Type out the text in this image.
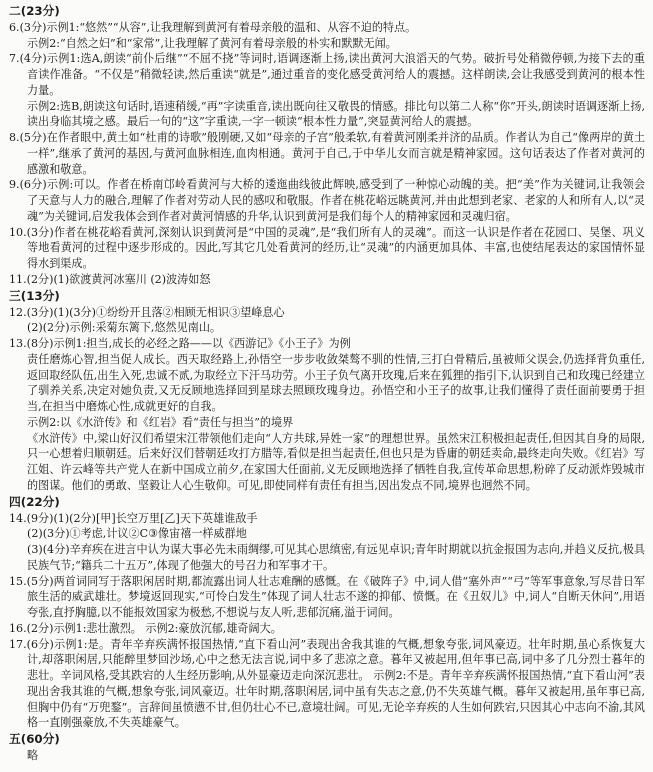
二(23分)

6.(3分)示例1:“悠然”“从容”,让我理解到黄河有着母亲般的温和、从容不迫的特点。

示例2:“自然之妇”和“家常”,让我理解了黄河有着母亲般的朴实和默默无闻。

7.(4分)示例1:选A,朗读“前仆后继”“不屈不挠”等词时,语调逐渐上扬,读出黄河大浪滔天的气势。破折号处稍微停顿,为接下去的重音读作准备。“不仅是”稍微轻读,然后重读“就是”,通过重音的变化感受黄河给人的震撼。这样朗读,会让我感受到黄河的根本性力量。

示例2:选B,朗读这句话时,语速稍缓,“再”字读重音,读出既向往又敬畏的情感。排比句以第二人称“你”开头,朗读时语调逐渐上扬,读出身临其境之感。最后一句的“这”字重读,一字一顿读“根本性力量”,突显黄河给人的震撼。

8.(5分)在作者眼中,黄土如“杜甫的诗歌”般刚硬,又如“母亲的子宫”般柔软,有着黄河刚柔并济的品质。作者认为自己“像两岸的黄土一样”,继承了黄河的基因,与黄河血脉相连,血肉相通。黄河于自己,于中华儿女而言就是精神家园。这句话表达了作者对黄河的感激和敬意。

9.(6分)示例:可以。作者在桥南邙岭看黄河与大桥的逶迤曲线彼此辉映,感受到了一种惊心动魄的美。把“美”作为关键词,让我领会了天意与人力的融合,理解了作者对劳动人民的感叹和敬服。作者在桃花峪远眺黄河,并由此想到老家、老家的人和所有人,以“灵魂”为关键词,启发我体会到作者对黄河情感的升华,认识到黄河是我们每个人的精神家园和灵魂归宿。

10.(3分)作者在桃花峪看黄河,深刻认识到黄河是“中国的灵魂”,是“我们所有人的灵魂”。而这一认识是作者在花园口、吴堡、巩义等地看黄河的过程中逐步形成的。因此,写其它几处看黄河的经历,让“灵魂”的内涵更加具体、丰富,也使结尾表达的家国情怀显得水到渠成。

11.(2分)(1)欲渡黄河冰塞川 (2)波涛如怒

三(13分)

12.(3分)(1)(3分)①纷纷开且落②相顾无相识③望峰息心

(2)(2分)示例:采菊东篱下,悠然见南山。

13.(8分)示例1:担当,成长的必经之路——以《西游记》《小王子》为例

责任磨炼心智,担当促人成长。西天取经路上,孙悟空一步步收敛桀骜不驯的性情,三打白骨精后,虽被师父误会,仍选择背负重任,返回取经队伍,出生入死,忠诚不贰,为取经立下汗马功劳。小王子负气离开玫瑰,后来在狐狸的指引下,认识到自己和玫瑰已经建立了驯养关系,决定对她负责,又无反顾地选择回到星球去照顾玫瑰身边。孙悟空和小王子的故事,让我们懂得了责任面前要勇于担当,在担当中磨炼心性,成就更好的自我。

示例2:以《水浒传》和《红岩》看“责任与担当”的境界

《水浒传》中,梁山好汉们希望宋江带领他们走向“人方共球,异姓一家”的理想世界。虽然宋江积极担起责任,但因其自身的局限,只一心想着归顺朝廷。后来好汉们替朝廷攻打方腊等,看似是担当起责任,但也只是为昏庸的朝廷卖命,最终走向失败。《红岩》写江姐、许云峰等共产党人在新中国成立前夕,在家国大任面前,义无反顾地选择了牺牲自我,宣传革命思想,粉碎了反动派炸毁城市的图谋。他们的勇敢、坚毅让人心生敬仰。可见,即使同样有责任有担当,因出发点不同,境界也迥然不同。

四(22分)

14.(9分)(1)(2分)[甲]长空万里[乙]天下英雄谁敌手

(2)(3分)①考虑,计议②C③像宙禧一样威群地

(3)(4分)辛弃疾在进言中认为谋大事必先未雨绸缪,可见其心思缜密,有远见卓识;青年时期就以抗金报国为志向,并趋义反抗,极具民族气节;“籍兵二十五万”,体现了他强大的号召力和军事才干。

15.(5分)两首词同写于落职闲居时期,都流露出词人壮志难酬的感慨。在《破阵子》中,词人借“塞外声”“弓”等军事意象,写尽昔日军旅生活的威武雄壮。梦境返回现实,“可怜白发生”体现了词人壮志不遂的抑郁、愤慨。在《丑奴儿》中,词人“自断天休问”,用语夸张,直抒胸臆,以不能报效国家为极愁,不想说与友人听,悲郁沉痛,溢于词间。

16.(2分)示例1:悲壮激烈。 示例2:豪放沉郁,雄奇阔大。

17.(6分)示例1:是。青年辛弃疾满怀报国热情,“直下看山河”表现出舍我其谁的气概,想象夸张,词风豪迈。壮年时期,虽心系恢复大计,却落职闲居,只能醉里梦回沙场,心中之愁无法言说,词中多了悲凉之意。暮年又被起用,但年事已高,词中多了几分烈士暮年的悲壮。辛词风格,受其跌宕的人生经历影响,从外显豪迈走向深沉悲壮。 示例2:不是。青年辛弃疾满怀报国热情,“直下看山河”表现出舍我其谁的气概,想象夸张,词风豪迈。壮年时期,落职闲居,词中虽有失志之意,仍不失英雄气概。暮年又被起用,虽年事已高,但胸中仍有“万兜鍪”。言辞间虽愤懑不甘,但仍壮心不已,意境壮阔。可见,无论辛弃疾的人生如何跌宕,只因其心中志向不渝,其风格一直刚强豪放,不失英雄豪气。

五(60分)

略
